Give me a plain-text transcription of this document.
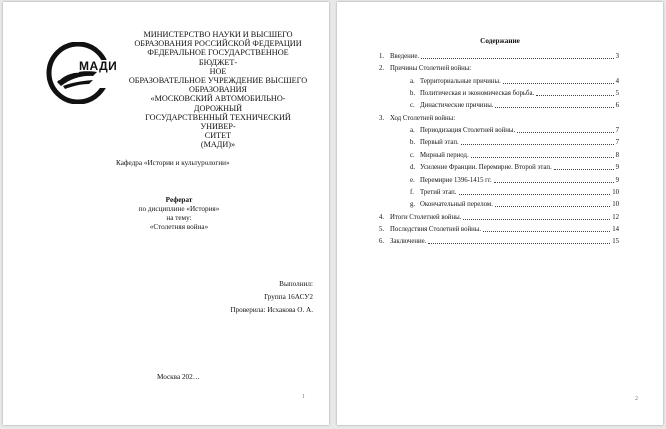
МАДИ
МИНИСТЕРСТВО НАУКИ И ВЫСШЕГО
ОБРАЗОВАНИЯ РОССИЙСКОЙ ФЕДЕРАЦИИ
ФЕДЕРАЛЬНОЕ ГОСУДАРСТВЕННОЕ БЮДЖЕТ-
НОЕ
ОБРАЗОВАТЕЛЬНОЕ УЧРЕЖДЕНИЕ ВЫСШЕГО
ОБРАЗОВАНИЯ
«МОСКОВСКИЙ АВТОМОБИЛЬНО-ДОРОЖНЫЙ
ГОСУДАРСТВЕННЫЙ ТЕХНИЧЕСКИЙ УНИВЕР-
СИТЕТ
(МАДИ)»
Кафедра «Истории и культурологии»
Реферат
по дисциплине «История»
на тему:
«Столетняя война»
Выполнил:
Группа 16АСУ2
Проверила: Исхакова О. А.
Москва 202…
1
Содержание
1. Введение.	3
2. Причины Столетней войны:
a. Территориальные причины.	4
b. Политическая и экономическая борьба.	5
c. Династические причины.	6
3. Ход Столетней войны:
a. Периодизация Столетней войны.	7
b. Первый этап.	7
c. Мирный период.	8
d. Усиление Франции. Перемирие. Второй этап.	9
e. Перемирие 1396-1415 гг.	9
f. Третий этап.	10
g. Окончательный перелом.	10
4. Итоги Столетней войны.	12
5. Последствия Столетней войны.	14
6. Заключение.	15
2
